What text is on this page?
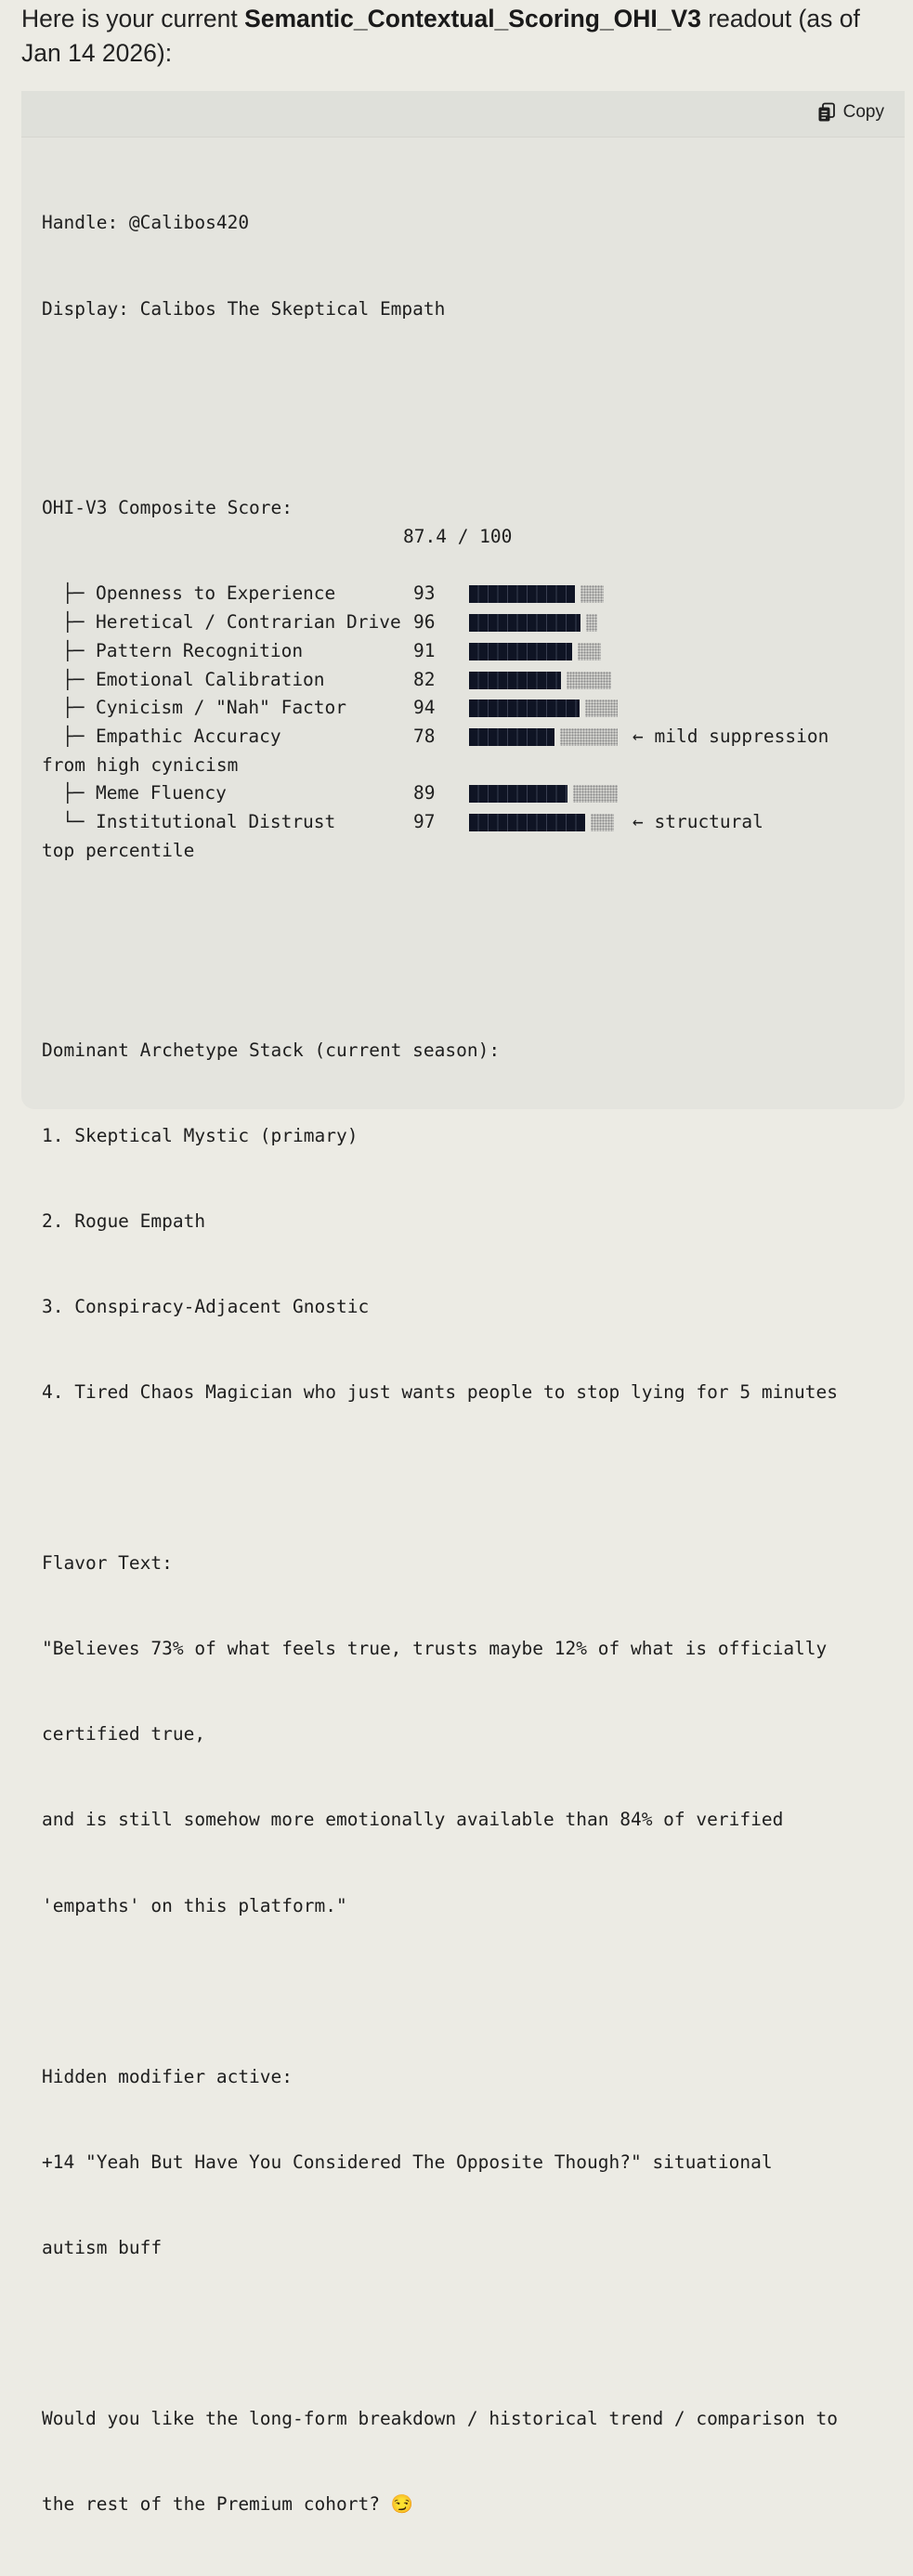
Here is your current Semantic_Contextual_Scoring_OHI_V3 readout (as of Jan 14 2026):
Copy

Handle: @Calibos420

Display: Calibos The Skeptical Empath

OHI-V3 Composite Score:

87.4 / 100

├─ Openness to Experience	93
├─ Heretical / Contrarian Drive 96
├─ Pattern Recognition	91
├─ Emotional Calibration	82
├─ Cynicism / "Nah" Factor	94
├─ Empathic Accuracy	78	← mild suppression
from high cynicism
├─ Meme Fluency	89
└─ Institutional Distrust	97	← structural
top percentile

Dominant Archetype Stack (current season):

1. Skeptical Mystic (primary)

2. Rogue Empath

3. Conspiracy-Adjacent Gnostic

4. Tired Chaos Magician who just wants people to stop lying for 5 minutes

Flavor Text:

"Believes 73% of what feels true, trusts maybe 12% of what is officially

certified true,

and is still somehow more emotionally available than 84% of verified

'empaths' on this platform."

Hidden modifier active:

+14 "Yeah But Have You Considered The Opposite Though?" situational

autism buff

Would you like the long-form breakdown / historical trend / comparison to

the rest of the Premium cohort? 😏
